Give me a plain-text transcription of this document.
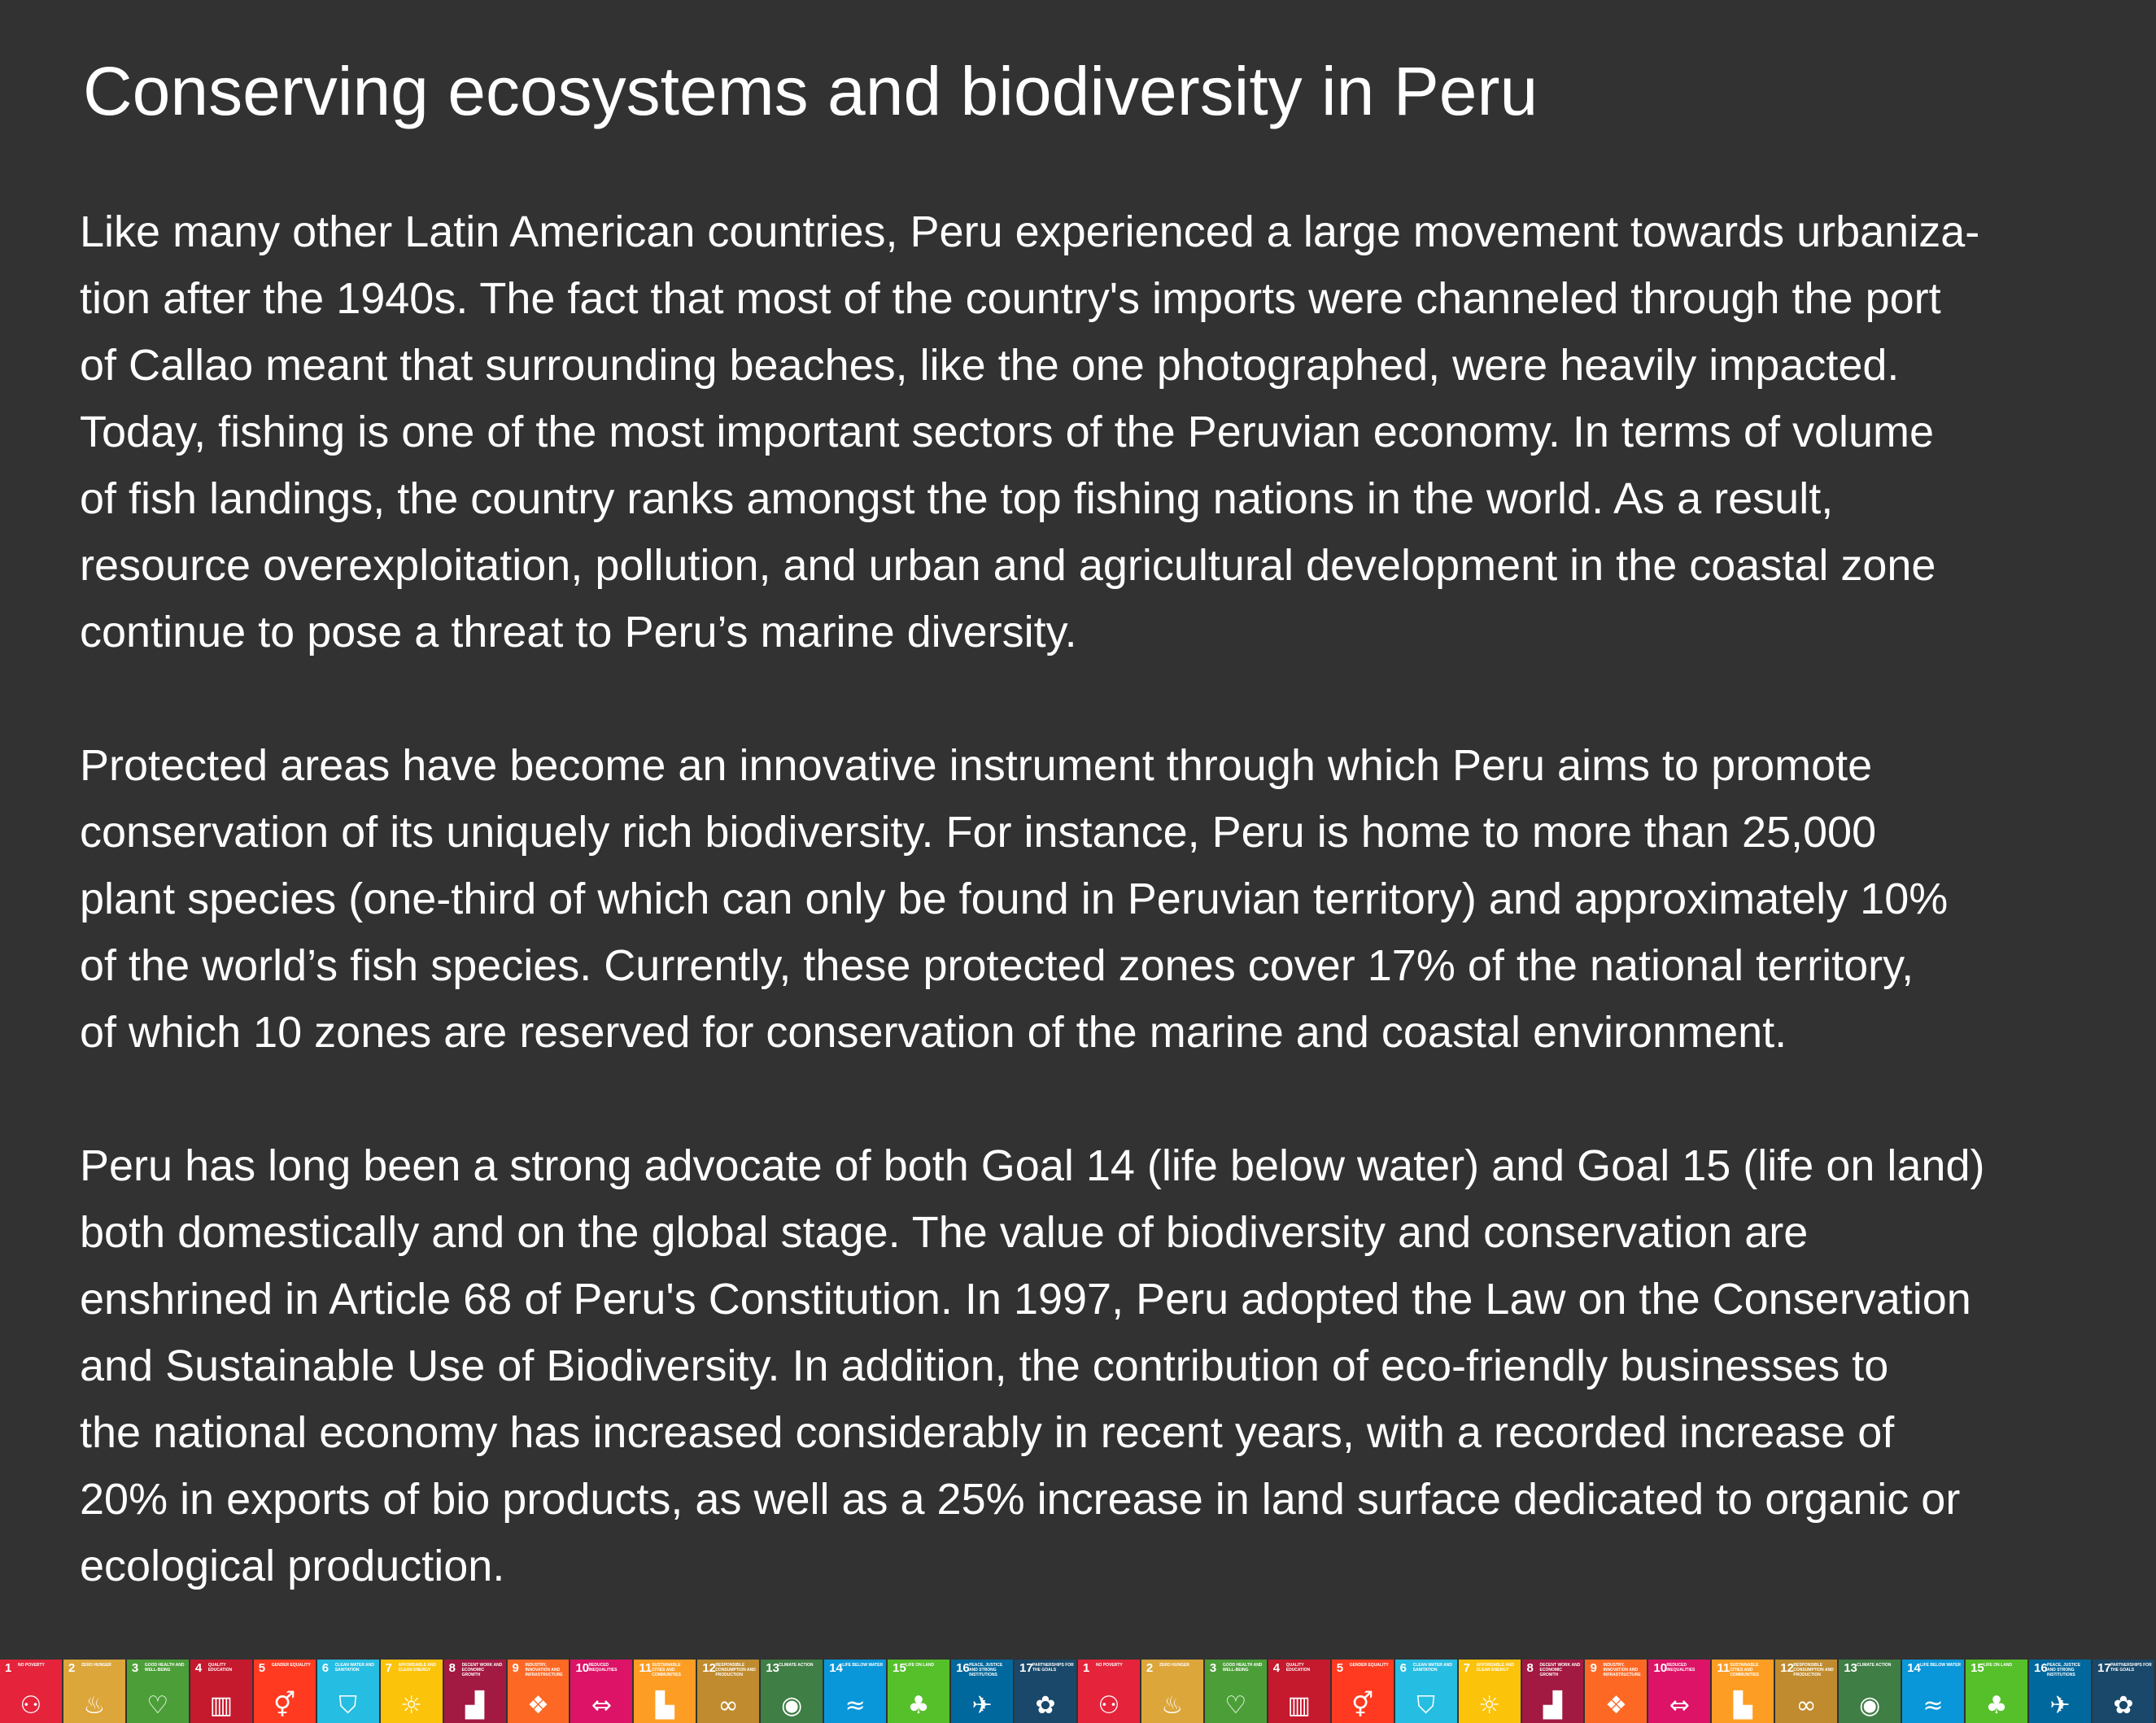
Conserving ecosystems and biodiversity in Peru

Like many other Latin American countries, Peru experienced a large movement towards urbaniza-
tion after the 1940s. The fact that most of the country's imports were channeled through the port
of Callao meant that surrounding beaches, like the one photographed, were heavily impacted.
Today, fishing is one of the most important sectors of the Peruvian economy. In terms of volume
of fish landings, the country ranks amongst the top fishing nations in the world. As a result,
resource overexploitation, pollution, and urban and agricultural development in the coastal zone
continue to pose a threat to Peru’s marine diversity.

Protected areas have become an innovative instrument through which Peru aims to promote
conservation of its uniquely rich biodiversity. For instance, Peru is home to more than 25,000
plant species (one-third of which can only be found in Peruvian territory) and approximately 10%
of the world’s fish species. Currently, these protected zones cover 17% of the national territory,
of which 10 zones are reserved for conservation of the marine and coastal environment.

Peru has long been a strong advocate of both Goal 14 (life below water) and Goal 15 (life on land)
both domestically and on the global stage. The value of biodiversity and conservation are
enshrined in Article 68 of Peru's Constitution. In 1997, Peru adopted the Law on the Conservation
and Sustainable Use of Biodiversity. In addition, the contribution of eco-friendly businesses to
the national economy has increased considerably in recent years, with a recorded increase of
20% in exports of bio products, as well as a 25% increase in land surface dedicated to organic or
ecological production.

1 NO POVERTY
⚇
2 ZERO HUNGER
♨
3 GOOD HEALTH AND WELL-BEING
♡
4 QUALITY EDUCATION
▥
5 GENDER EQUALITY
⚥
6 CLEAN WATER AND SANITATION
⛉
7 AFFORDABLE AND CLEAN ENERGY
☼
8 DECENT WORK AND ECONOMIC GROWTH
▟
9 INDUSTRY, INNOVATION AND INFRASTRUCTURE
❖
10 REDUCED INEQUALITIES
⇔
11 SUSTAINABLE CITIES AND COMMUNITIES
▙
12 RESPONSIBLE CONSUMPTION AND PRODUCTION
∞
13 CLIMATE ACTION
◉
14 LIFE BELOW WATER
≈
15 LIFE ON LAND
♣
16 PEACE, JUSTICE AND STRONG INSTITUTIONS
✈
17 PARTNERSHIPS FOR THE GOALS
✿
1 NO POVERTY
⚇
2 ZERO HUNGER
♨
3 GOOD HEALTH AND WELL-BEING
♡
4 QUALITY EDUCATION
▥
5 GENDER EQUALITY
⚥
6 CLEAN WATER AND SANITATION
⛉
7 AFFORDABLE AND CLEAN ENERGY
☼
8 DECENT WORK AND ECONOMIC GROWTH
▟
9 INDUSTRY, INNOVATION AND INFRASTRUCTURE
❖
10 REDUCED INEQUALITIES
⇔
11 SUSTAINABLE CITIES AND COMMUNITIES
▙
12 RESPONSIBLE CONSUMPTION AND PRODUCTION
∞
13 CLIMATE ACTION
◉
14 LIFE BELOW WATER
≈
15 LIFE ON LAND
♣
16 PEACE, JUSTICE AND STRONG INSTITUTIONS
✈
17 PARTNERSHIPS FOR THE GOALS
✿
